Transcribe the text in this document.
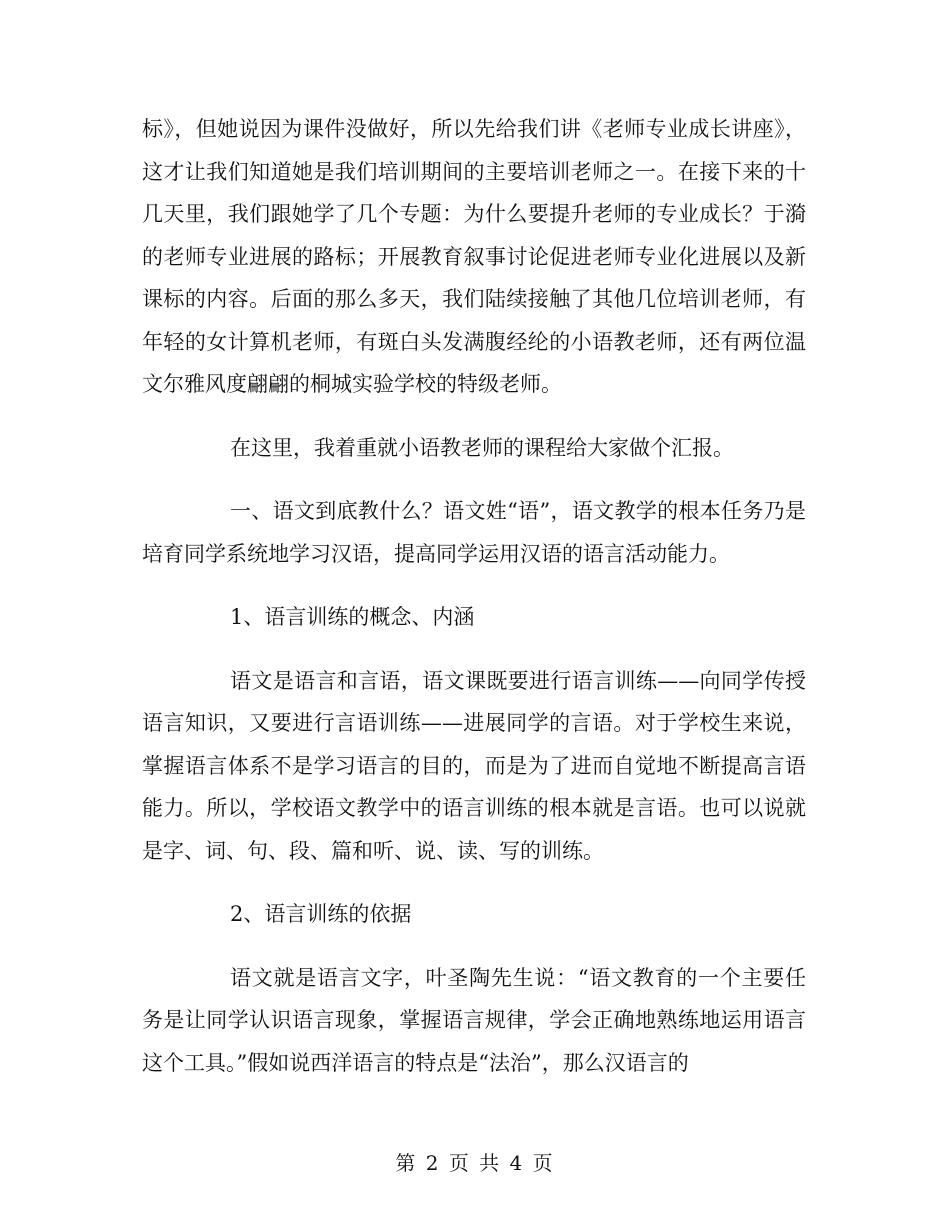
标》，但她说因为课件没做好，所以先给我们讲《老师专业成长讲座》，这才让我们知道她是我们培训期间的主要培训老师之一。在接下来的十几天里，我们跟她学了几个专题：为什么要提升老师的专业成长？于漪的老师专业进展的路标；开展教育叙事讨论促进老师专业化进展以及新课标的内容。后面的那么多天，我们陆续接触了其他几位培训老师，有年轻的女计算机老师，有斑白头发满腹经纶的小语教老师，还有两位温文尔雅风度翩翩的桐城实验学校的特级老师。

在这里，我着重就小语教老师的课程给大家做个汇报。

一、语文到底教什么？语文姓“语”，语文教学的根本任务乃是培育同学系统地学习汉语，提高同学运用汉语的语言活动能力。

1、语言训练的概念、内涵

语文是语言和言语，语文课既要进行语言训练——向同学传授语言知识，又要进行言语训练——进展同学的言语。对于学校生来说，掌握语言体系不是学习语言的目的，而是为了进而自觉地不断提高言语能力。所以，学校语文教学中的语言训练的根本就是言语。也可以说就是字、词、句、段、篇和听、说、读、写的训练。

2、语言训练的依据

语文就是语言文字，叶圣陶先生说：“语文教育的一个主要任务是让同学认识语言现象，掌握语言规律，学会正确地熟练地运用语言这个工具。”假如说西洋语言的特点是“法治”，那么汉语言的

第 2 页 共 4 页
